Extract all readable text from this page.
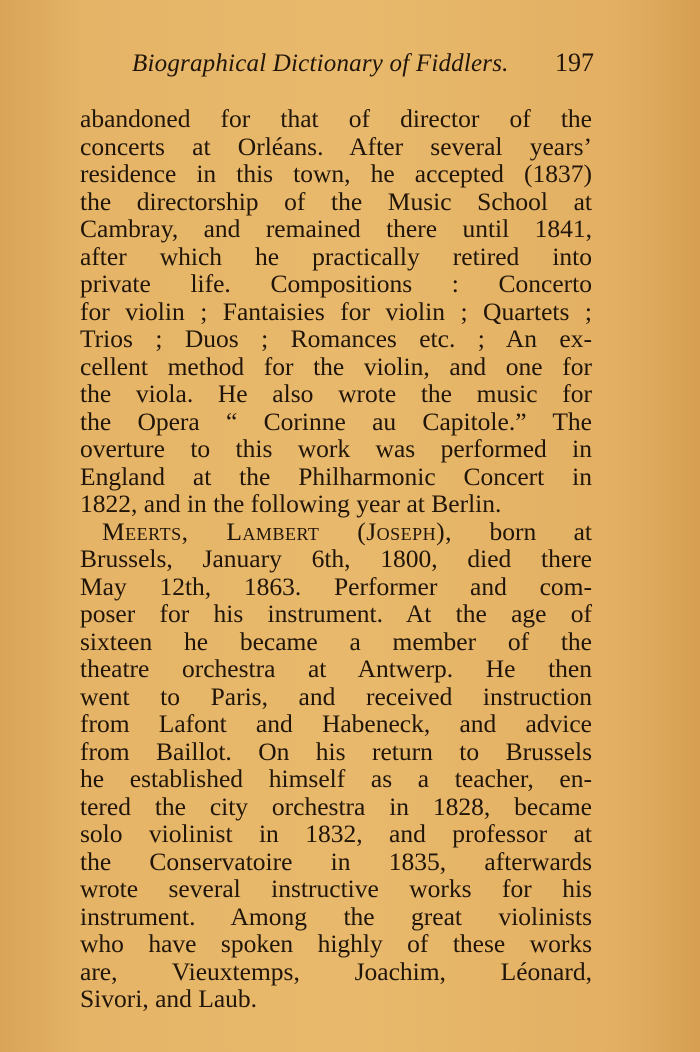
Biographical Dictionary of Fiddlers. 197
abandoned for that of director of the
concerts at Orléans. After several years’
residence in this town, he accepted (1837)
the directorship of the Music School at
Cambray, and remained there until 1841,
after which he practically retired into
private life. Compositions : Concerto
for violin ; Fantaisies for violin ; Quartets ;
Trios ; Duos ; Romances etc. ; An ex-
cellent method for the violin, and one for
the viola. He also wrote the music for
the Opera “ Corinne au Capitole.” The
overture to this work was performed in
England at the Philharmonic Concert in
1822, and in the following year at Berlin.
Meerts, Lambert (Joseph), born at
Brussels, January 6th, 1800, died there
May 12th, 1863. Performer and com-
poser for his instrument. At the age of
sixteen he became a member of the
theatre orchestra at Antwerp. He then
went to Paris, and received instruction
from Lafont and Habeneck, and advice
from Baillot. On his return to Brussels
he established himself as a teacher, en-
tered the city orchestra in 1828, became
solo violinist in 1832, and professor at
the Conservatoire in 1835, afterwards
wrote several instructive works for his
instrument. Among the great violinists
who have spoken highly of these works
are, Vieuxtemps, Joachim, Léonard,
Sivori, and Laub.
